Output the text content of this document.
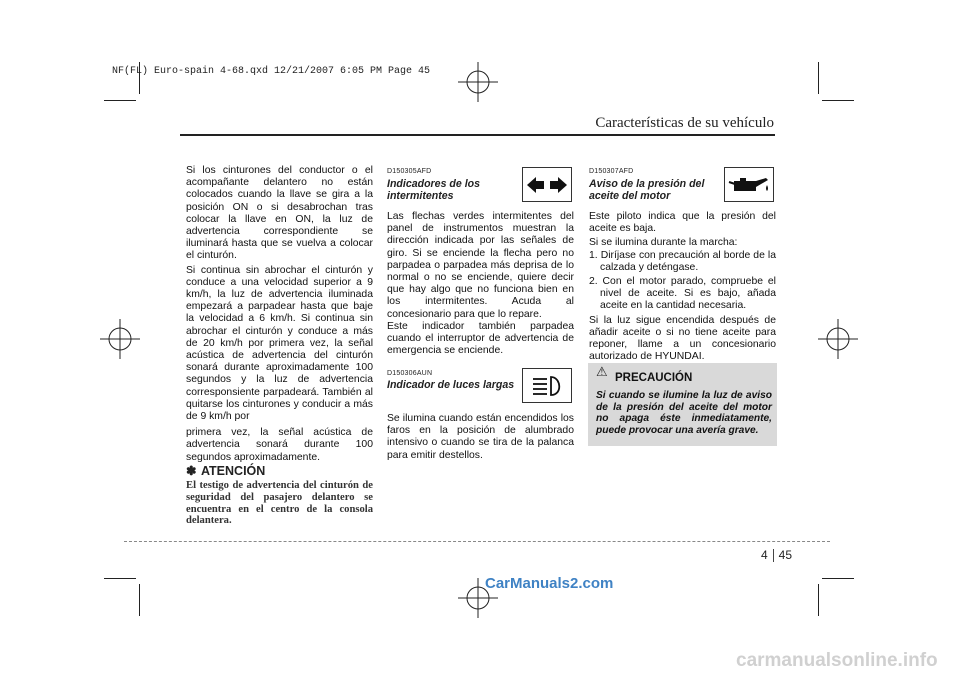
NF(FL) Euro-spain 4-68.qxd 12/21/2007 6:05 PM Page 45
Características de su vehículo

Si los cinturones del conductor o el acompañante delantero no están colocados cuando la llave se gira a la posición ON o si desabrochan tras colocar la llave en ON, la luz de advertencia correspondiente se iluminará hasta que se vuelva a colocar el cinturón.

Si continua sin abrochar el cinturón y conduce a una velocidad superior a 9 km/h, la luz de advertencia iluminada empezará a parpadear hasta que baje la velocidad a 6 km/h. Si continua sin abrochar el cinturón y conduce a más de 20 km/h por primera vez, la señal acústica de advertencia del cinturón sonará durante aproximadamente 100 segundos y la luz de advertencia corresponsiente parpadeará. También al quitarse los cinturones y conducir a más de 9 km/h por

primera vez, la señal acústica de advertencia sonará durante 100 segundos aproximadamente.

✽ ATENCIÓN

El testigo de advertencia del cinturón de seguridad del pasajero delantero se encuentra en el centro de la consola delantera.

D150305AFD
Indicadores de los intermitentes

Las flechas verdes intermitentes del panel de instrumentos muestran la dirección indicada por las señales de giro. Si se enciende la flecha pero no parpadea o parpadea más deprisa de lo normal o no se enciende, quiere decir que hay algo que no funciona bien en los intermitentes. Acuda al concesionario para que lo repare.

Este indicador también parpadea cuando el interruptor de advertencia de emergencia se enciende.

D150306AUN
Indicador de luces largas

Se ilumina cuando están encendidos los faros en la posición de alumbrado intensivo o cuando se tira de la palanca para emitir destellos.

D150307AFD
Aviso de la presión del aceite del motor

Este piloto indica que la presión del aceite es baja.

Si se ilumina durante la marcha:

1. Diríjase con precaución al borde de la calzada y deténgase.

2. Con el motor parado, compruebe el nivel de aceite. Si es bajo, añada aceite en la cantidad necesaria.

Si la luz sigue encendida después de añadir aceite o si no tiene aceite para reponer, llame a un concesionario autorizado de HYUNDAI.

⚠ PRECAUCIÓN

Si cuando se ilumine la luz de aviso de la presión del aceite del motor no apaga éste inmediatamente, puede provocar una avería grave.

4 45
CarManuals2.com
carmanualsonline.info
